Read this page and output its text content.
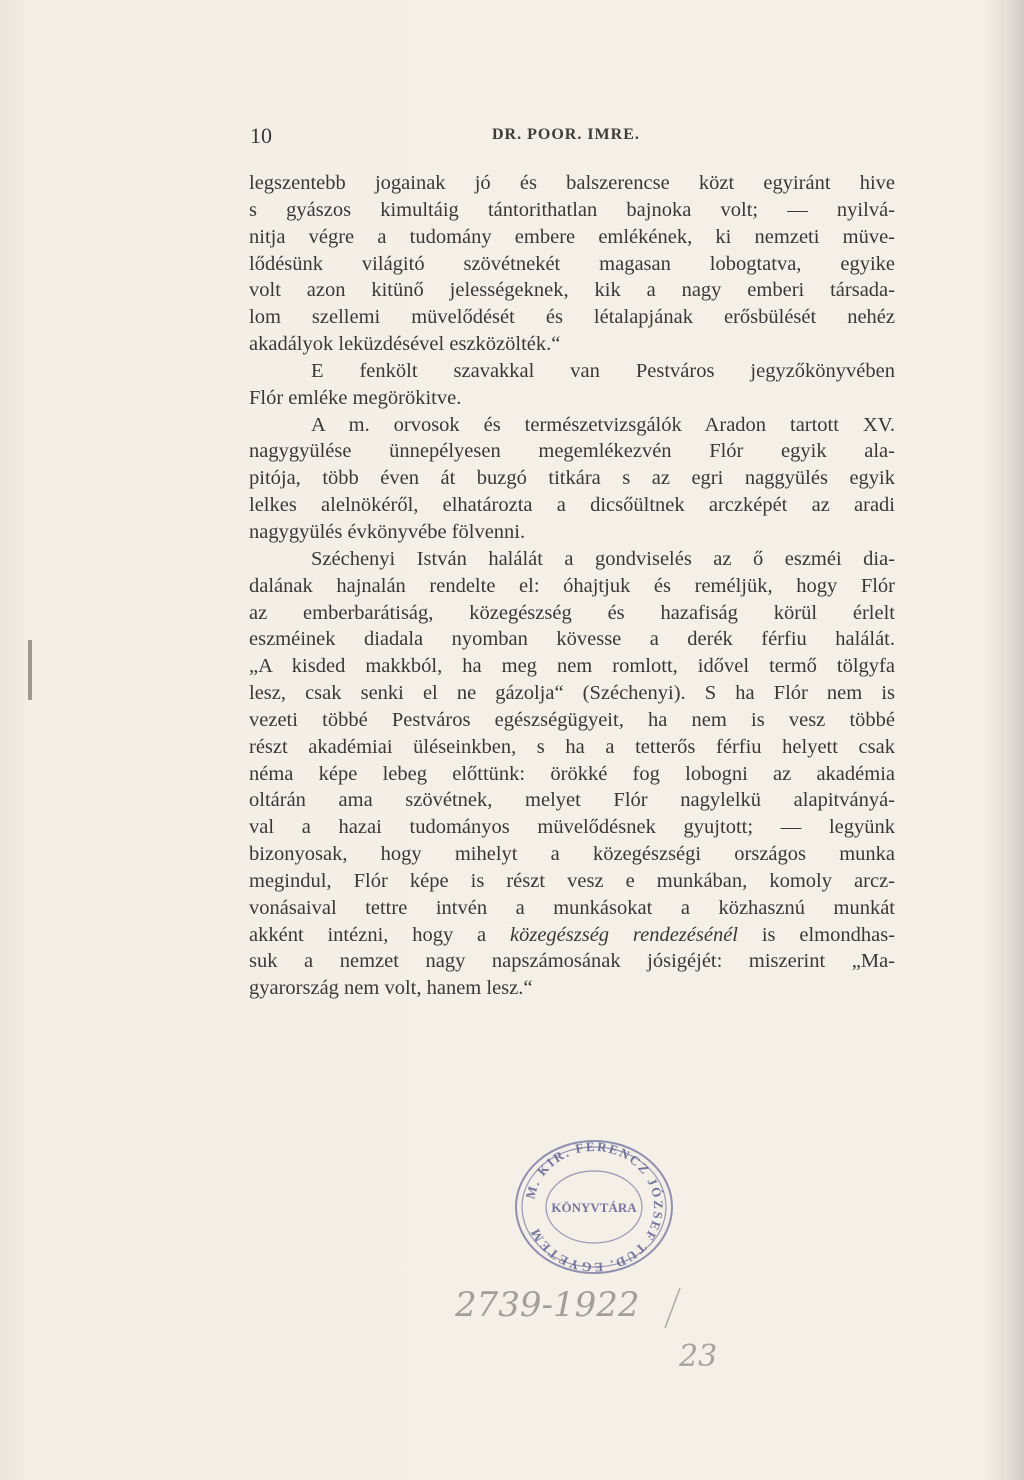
10	DR. POOR. IMRE.
legszentebb jogainak jó és balszerencse közt egyiránt hive
s gyászos kimultáig tántorithatlan bajnoka volt; — nyilvá-
nitja végre a tudomány embere emlékének, ki nemzeti müve-
lődésünk világitó szövétnekét magasan lobogtatva, egyike
volt azon kitünő jelességeknek, kik a nagy emberi társada-
lom szellemi müvelődését és létalapjának erősbülését nehéz
akadályok leküzdésével eszközölték.“
E fenkölt szavakkal van Pestváros jegyzőkönyvében
Flór emléke megörökitve.
A m. orvosok és természetvizsgálók Aradon tartott XV.
nagygyülése ünnepélyesen megemlékezvén Flór egyik ala-
pitója, több éven át buzgó titkára s az egri naggyülés egyik
lelkes alelnökéről, elhatározta a dicsőültnek arczképét az aradi
nagygyülés évkönyvébe fölvenni.
Széchenyi István halálát a gondviselés az ő eszméi dia-
dalának hajnalán rendelte el: óhajtjuk és reméljük, hogy Flór
az emberbarátiság, közegészség és hazafiság körül érlelt
eszméinek diadala nyomban kövesse a derék férfiu halálát.
„A kisded makkból, ha meg nem romlott, idővel termő tölgyfa
lesz, csak senki el ne gázolja“ (Széchenyi). S ha Flór nem is
vezeti többé Pestváros egészségügyeit, ha nem is vesz többé
részt akadémiai üléseinkben, s ha a tetterős férfiu helyett csak
néma képe lebeg előttünk: örökké fog lobogni az akadémia
oltárán ama szövétnek, melyet Flór nagylelkü alapitványá-
val a hazai tudományos müvelődésnek gyujtott; — legyünk
bizonyosak, hogy mihelyt a közegészségi országos munka
megindul, Flór képe is részt vesz e munkában, komoly arcz-
vonásaival tettre intvén a munkásokat a közhasznú munkát
akként intézni, hogy a közegészség rendezésénél is elmondhas-
suk a nemzet nagy napszámosának jósigéjét: miszerint „Ma-
gyarország nem volt, hanem lesz.“
M. KIR. FERENCZ JÓZSEF TUD. EGYETEM
KÖNYVTÁRA
2739-1922
23
